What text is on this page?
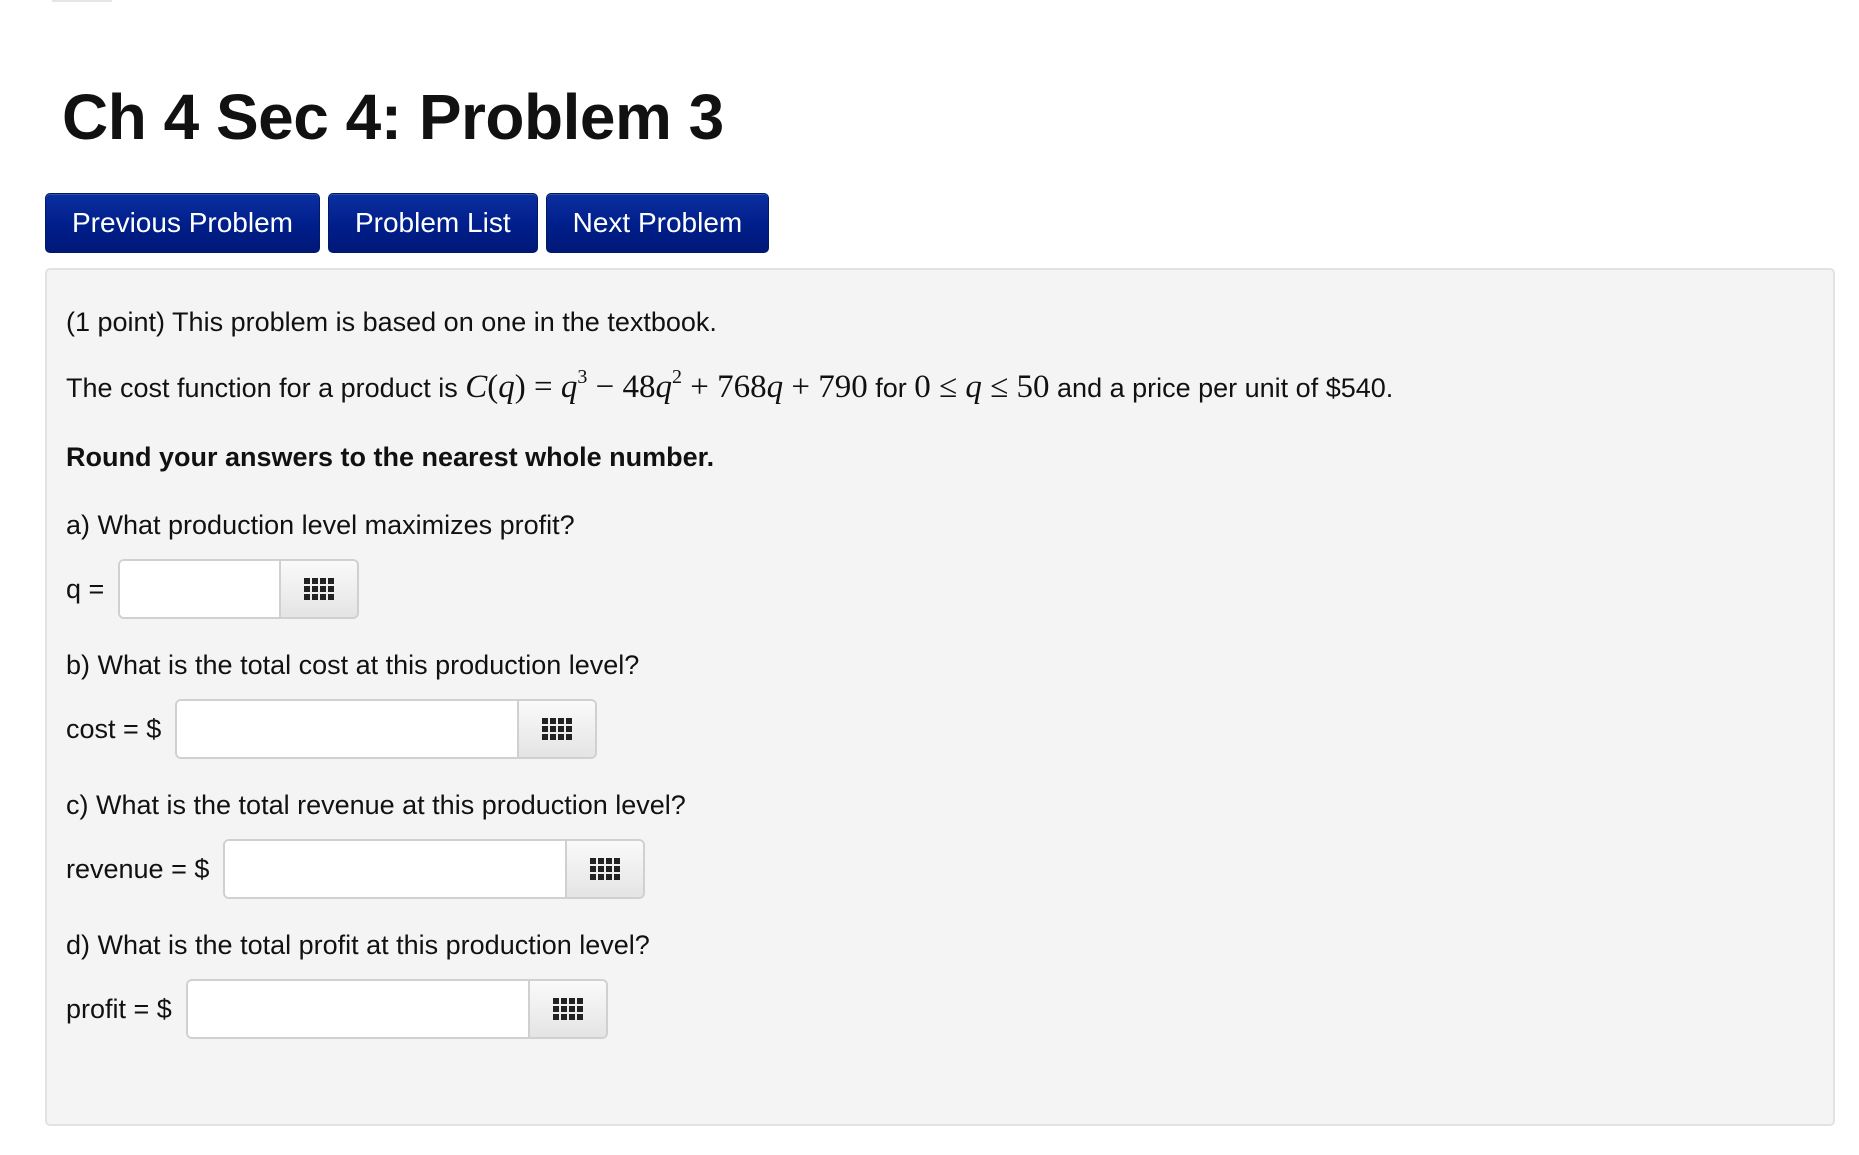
Ch 4 Sec 4: Problem 3
Previous Problem	Problem List	Next Problem
(1 point) This problem is based on one in the textbook.
The cost function for a product is $C(q) = q^3 - 48q^2 + 768q + 790$ for 0 ≤ q ≤ 50 and a price per unit of $540.
Round your answers to the nearest whole number.
a) What production level maximizes profit?
q =
b) What is the total cost at this production level?
cost = $
c) What is the total revenue at this production level?
revenue = $
d) What is the total profit at this production level?
profit = $
